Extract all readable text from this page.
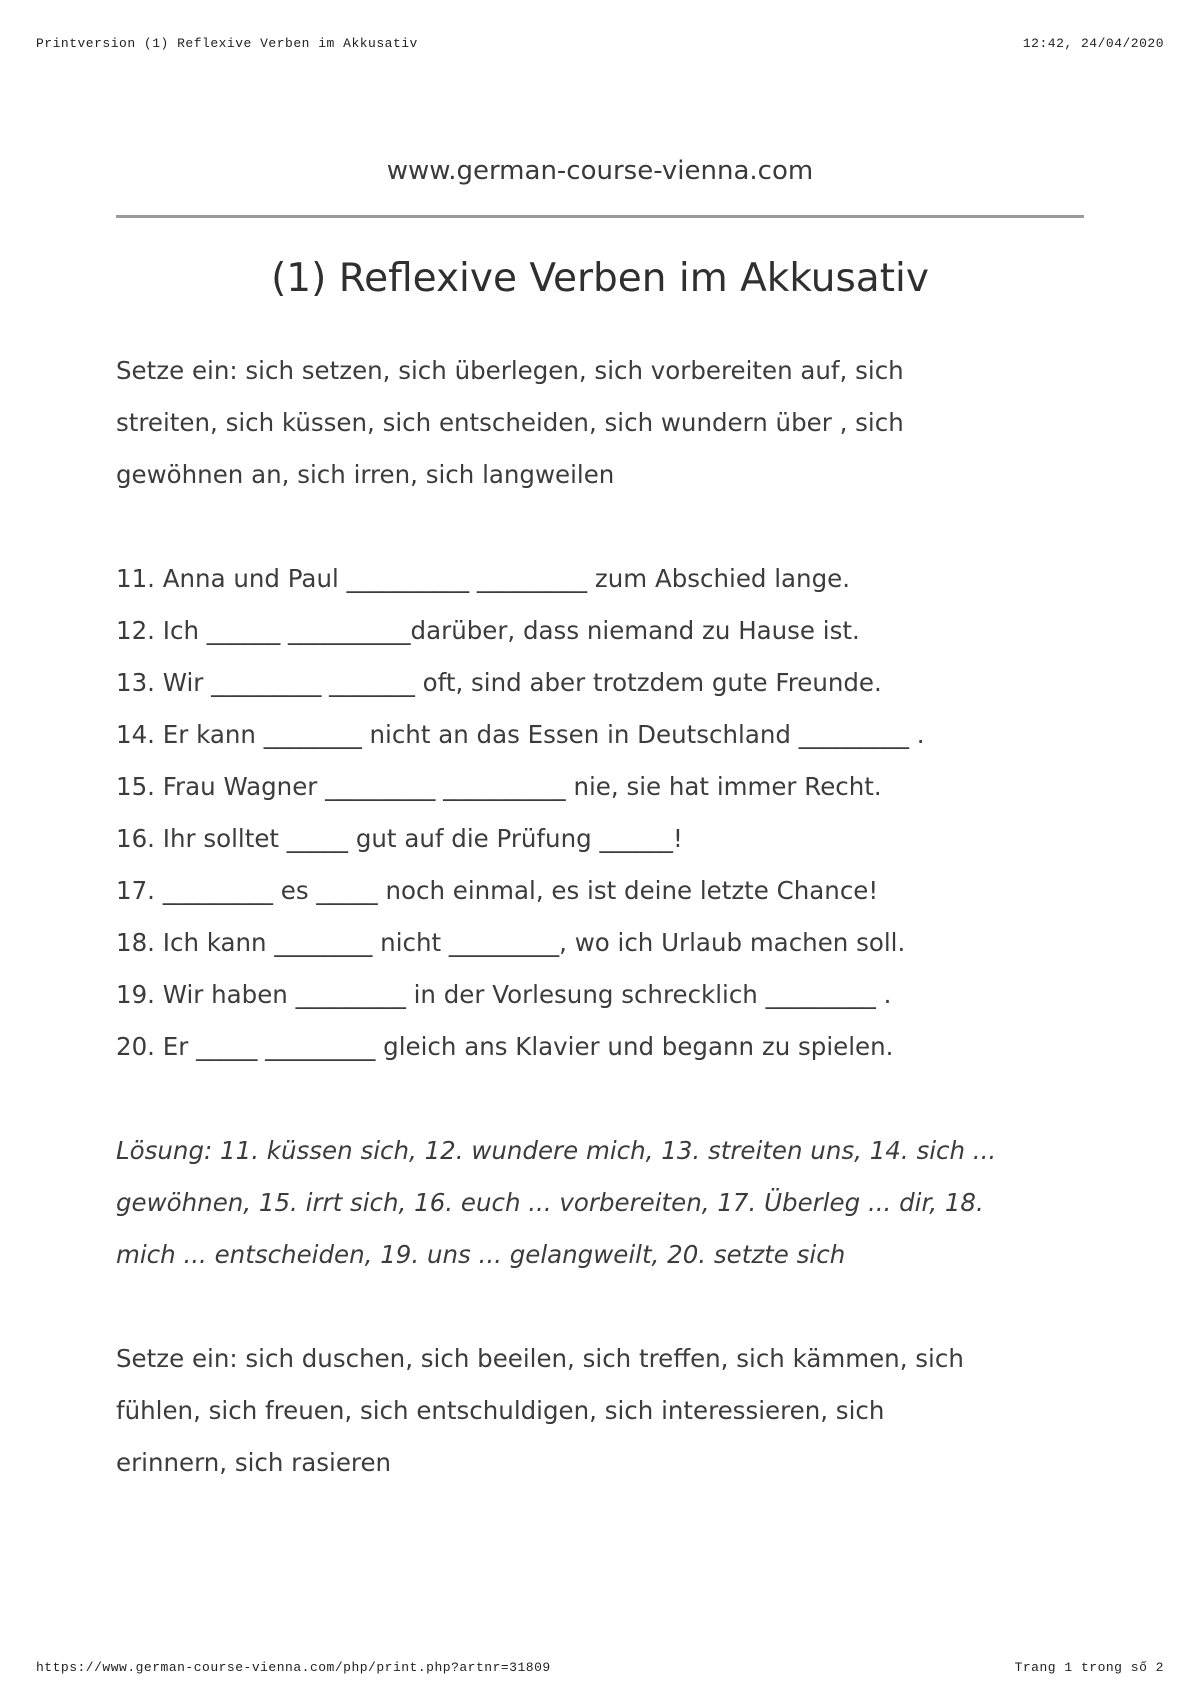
Printversion (1) Reflexive Verben im Akkusativ	12:42, 24/04/2020
www.german-course-vienna.com
(1) Reflexive Verben im Akkusativ
Setze ein: sich setzen, sich überlegen, sich vorbereiten auf, sich
streiten, sich küssen, sich entscheiden, sich wundern über , sich
gewöhnen an, sich irren, sich langweilen
11. Anna und Paul __________ _________ zum Abschied lange.
12. Ich ______ __________darüber, dass niemand zu Hause ist.
13. Wir _________ _______ oft, sind aber trotzdem gute Freunde.
14. Er kann ________ nicht an das Essen in Deutschland _________ .
15. Frau Wagner _________ __________ nie, sie hat immer Recht.
16. Ihr solltet _____ gut auf die Prüfung ______!
17. _________ es _____ noch einmal, es ist deine letzte Chance!
18. Ich kann ________ nicht _________, wo ich Urlaub machen soll.
19. Wir haben _________ in der Vorlesung schrecklich _________ .
20. Er _____ _________ gleich ans Klavier und begann zu spielen.
Lösung: 11. küssen sich, 12. wundere mich, 13. streiten uns, 14. sich ...
gewöhnen, 15. irrt sich, 16. euch ... vorbereiten, 17. Überleg ... dir, 18.
mich ... entscheiden, 19. uns ... gelangweilt, 20. setzte sich
Setze ein: sich duschen, sich beeilen, sich treffen, sich kämmen, sich
fühlen, sich freuen, sich entschuldigen, sich interessieren, sich
erinnern, sich rasieren
https://www.german-course-vienna.com/php/print.php?artnr=31809	Trang 1 trong số 2
